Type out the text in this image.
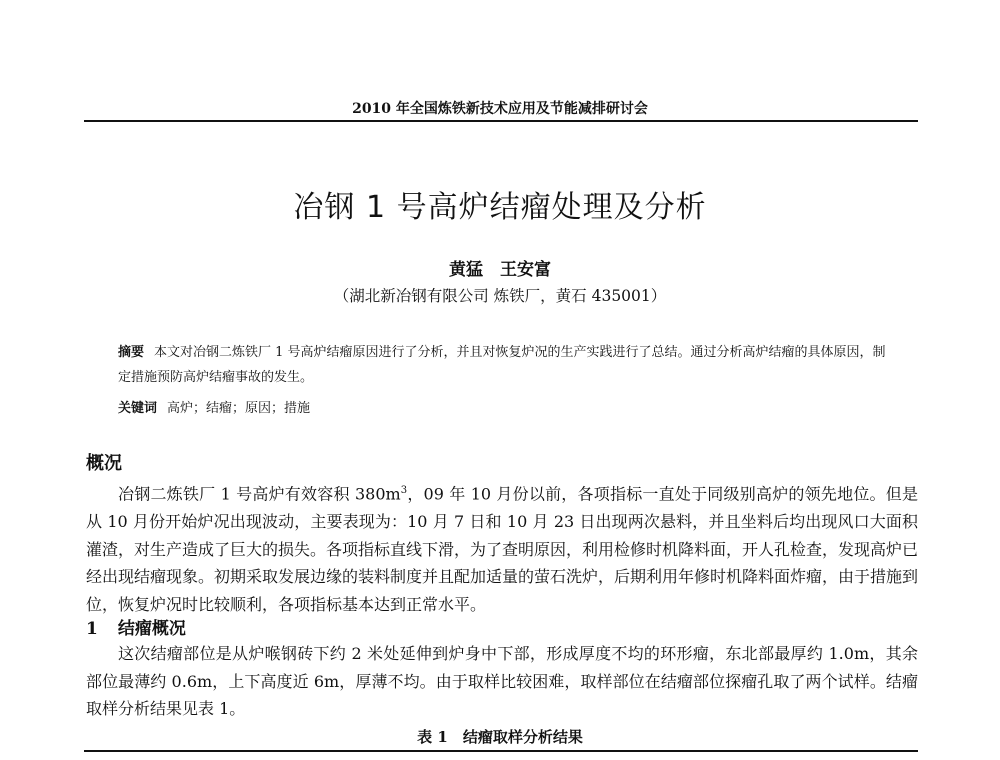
2010 年全国炼铁新技术应用及节能减排研讨会
冶钢 1 号高炉结瘤处理及分析
黄猛　王安富
（湖北新冶钢有限公司 炼铁厂，黄石 435001）
摘要 本文对冶钢二炼铁厂 1 号高炉结瘤原因进行了分析，并且对恢复炉况的生产实践进行了总结。通过分析高炉结瘤的具体原因，制定措施预防高炉结瘤事故的发生。
关键词 高炉；结瘤；原因；措施
概况
冶钢二炼铁厂 1 号高炉有效容积 $380m^3$，09 年 10 月份以前，各项指标一直处于同级别高炉的领先地位。但是从 10 月份开始炉况出现波动，主要表现为：10 月 7 日和 10 月 23 日出现两次悬料，并且坐料后均出现风口大面积灌渣，对生产造成了巨大的损失。各项指标直线下滑，为了查明原因，利用检修时机降料面，开人孔检查，发现高炉已经出现结瘤现象。初期采取发展边缘的装料制度并且配加适量的萤石洗炉，后期利用年修时机降料面炸瘤，由于措施到位，恢复炉况时比较顺利，各项指标基本达到正常水平。
1 结瘤概况
这次结瘤部位是从炉喉钢砖下约 2 米处延伸到炉身中下部，形成厚度不均的环形瘤，东北部最厚约 1.0m，其余部位最薄约 0.6m，上下高度近 6m，厚薄不均。由于取样比较困难，取样部位在结瘤部位探瘤孔取了两个试样。结瘤取样分析结果见表 1。
表 1　结瘤取样分析结果
